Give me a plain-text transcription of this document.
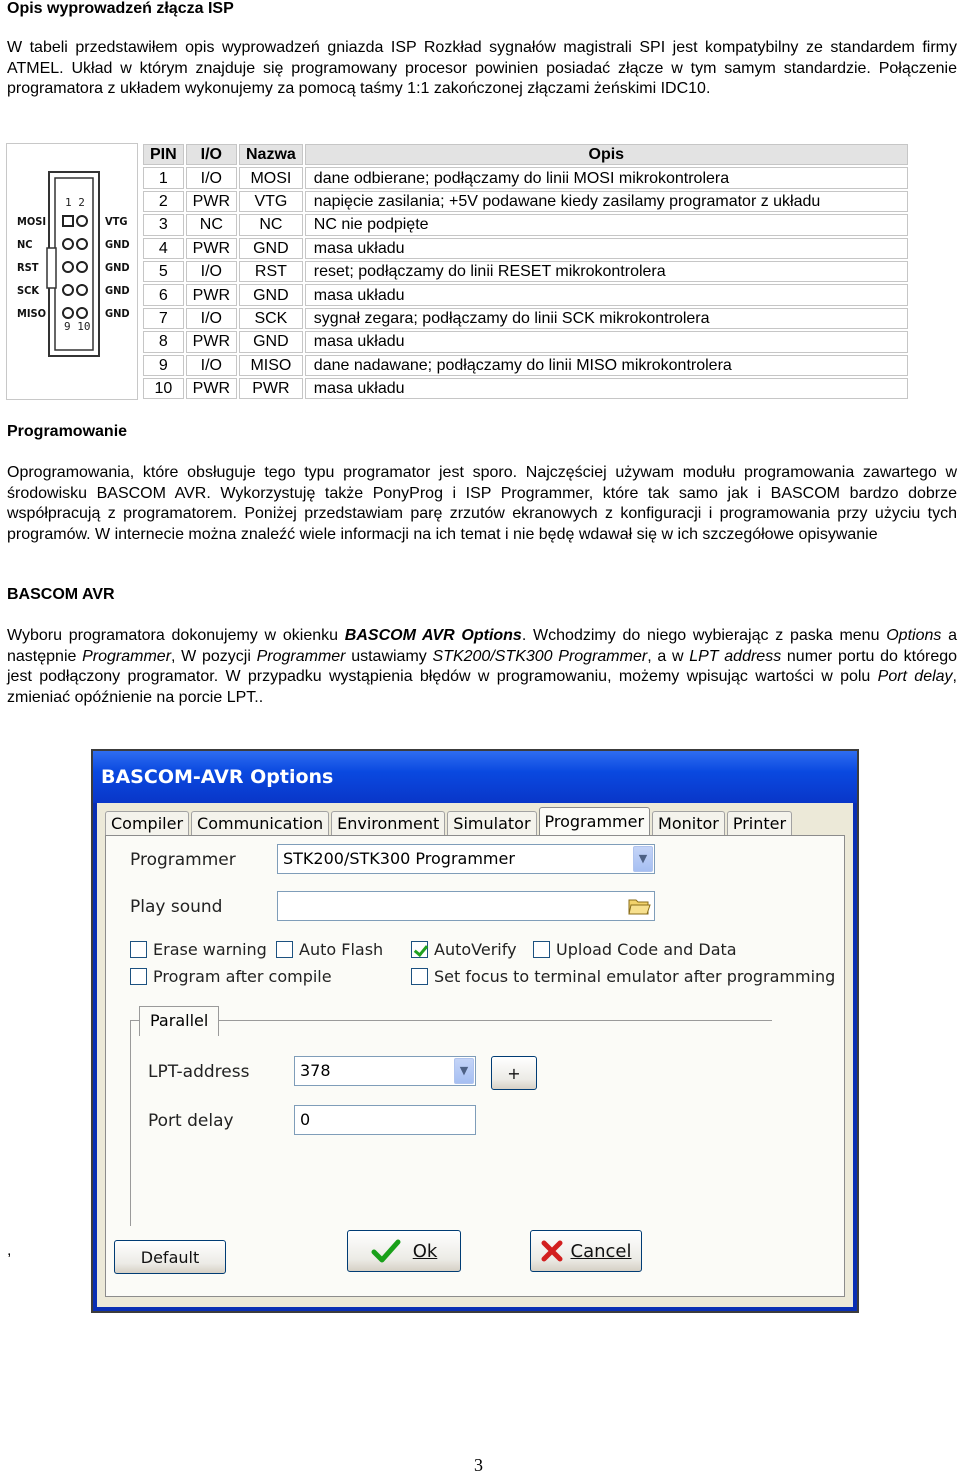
Opis wyprowadzeń złącza ISP
W tabeli przedstawiłem opis wyprowadzeń gniazda ISP Rozkład sygnałów magistrali SPI jest kompatybilny ze standardem firmy ATMEL. Układ w którym znajduje się programowany procesor powinien posiadać złącze w tym samym standardzie. Połączenie programatora z układem wykonujemy za pomocą taśmy 1:1 zakończonej złączami żeńskimi IDC10.
1 2
9 10
MOSI
NC
RST
SCK
MISO
VTG
GND
GND
GND
GND
PIN	I/O	Nazwa	Opis
1	I/O	MOSI	dane odbierane; podłączamy do linii MOSI mikrokontrolera
2	PWR	VTG	napięcie zasilania; +5V podawane kiedy zasilamy programator z układu
3	NC	NC	NC nie podpięte
4	PWR	GND	masa układu
5	I/O	RST	reset; podłączamy do linii RESET mikrokontrolera
6	PWR	GND	masa układu
7	I/O	SCK	sygnał zegara; podłączamy do linii SCK mikrokontrolera
8	PWR	GND	masa układu
9	I/O	MISO	dane nadawane; podłączamy do linii MISO mikrokontrolera
10	PWR	PWR	masa układu
Programowanie
Oprogramowania, które obsługuje tego typu programator jest sporo. Najczęściej używam modułu programowania zawartego w środowisku BASCOM AVR. Wykorzystuję także PonyProg i ISP Programmer, które tak samo jak i BASCOM bardzo dobrze współpracują z programatorem. Poniżej przedstawiam parę zrzutów ekranowych z konfiguracji i programowania przy użyciu tych programów. W internecie można znaleźć wiele informacji na ich temat i nie będę wdawał się w ich szczegółowe opisywanie
BASCOM AVR
Wyboru programatora dokonujemy w okienku BASCOM AVR Options. Wchodzimy do niego wybierając z paska menu Options a następnie Programmer, W pozycji Programmer ustawiamy STK200/STK300 Programmer, a w LPT address numer portu do którego jest podłączony programator. W przypadku wystąpienia błędów w programowaniu, możemy wpisując wartości w polu Port delay, zmieniać opóźnienie na porcie LPT..
BASCOM-AVR Options
Compiler Communication Environment Simulator Programmer Monitor Printer
Programmer	STK200/STK300 Programmer	▼
Play sound
Erase warning Auto Flash	AutoVerify Upload Code and Data
Program after compile	Set focus to terminal emulator after programming
Parallel
LPT-address	378	▼	+
Port delay	0
Default	Ok	Cancel
,
3
